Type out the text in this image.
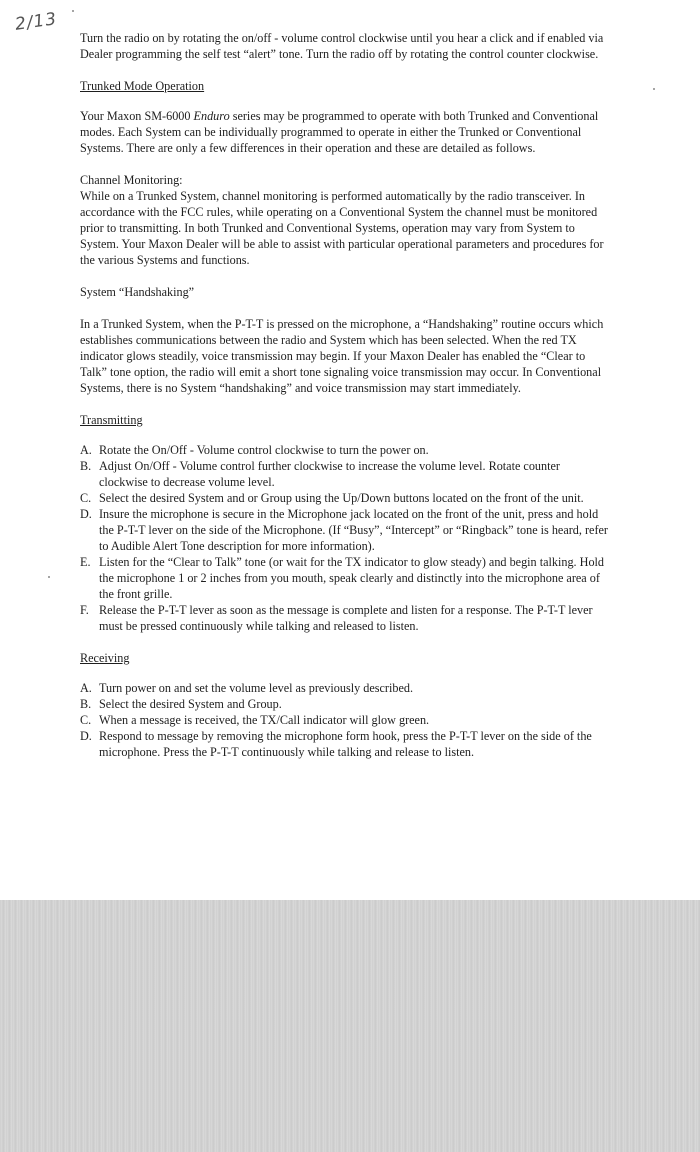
2/13

Turn the radio on by rotating the on/off - volume control clockwise until you hear a click and if enabled via Dealer programming the self test “alert” tone. Turn the radio off by rotating the control counter clockwise.

Trunked Mode Operation

Your Maxon SM-6000 Enduro series may be programmed to operate with both Trunked and Conventional modes. Each System can be individually programmed to operate in either the Trunked or Conventional Systems. There are only a few differences in their operation and these are detailed as follows.

Channel Monitoring:

While on a Trunked System, channel monitoring is performed automatically by the radio transceiver. In accordance with the FCC rules, while operating on a Conventional System the channel must be monitored prior to transmitting. In both Trunked and Conventional Systems, operation may vary from System to System. Your Maxon Dealer will be able to assist with particular operational parameters and procedures for the various Systems and functions.

System “Handshaking”

In a Trunked System, when the P-T-T is pressed on the microphone, a “Handshaking” routine occurs which establishes communications between the radio and System which has been selected. When the red TX indicator glows steadily, voice transmission may begin. If your Maxon Dealer has enabled the “Clear to Talk” tone option, the radio will emit a short tone signaling voice transmission may occur. In Conventional Systems, there is no System “handshaking” and voice transmission may start immediately.

Transmitting

A. Rotate the On/Off - Volume control clockwise to turn the power on.
B. Adjust On/Off - Volume control further clockwise to increase the volume level. Rotate counter clockwise to decrease volume level.
C. Select the desired System and or Group using the Up/Down buttons located on the front of the unit.
D. Insure the microphone is secure in the Microphone jack located on the front of the unit, press and hold the P-T-T lever on the side of the Microphone. (If “Busy”, “Intercept” or “Ringback” tone is heard, refer to Audible Alert Tone description for more information).
E. Listen for the “Clear to Talk” tone (or wait for the TX indicator to glow steady) and begin talking. Hold the microphone 1 or 2 inches from you mouth, speak clearly and distinctly into the microphone area of the front grille.
F. Release the P-T-T lever as soon as the message is complete and listen for a response. The P-T-T lever must be pressed continuously while talking and released to listen.

Receiving

A. Turn power on and set the volume level as previously described.
B. Select the desired System and Group.
C. When a message is received, the TX/Call indicator will glow green.
D. Respond to message by removing the microphone form hook, press the P-T-T lever on the side of the microphone. Press the P-T-T continuously while talking and release to listen.
